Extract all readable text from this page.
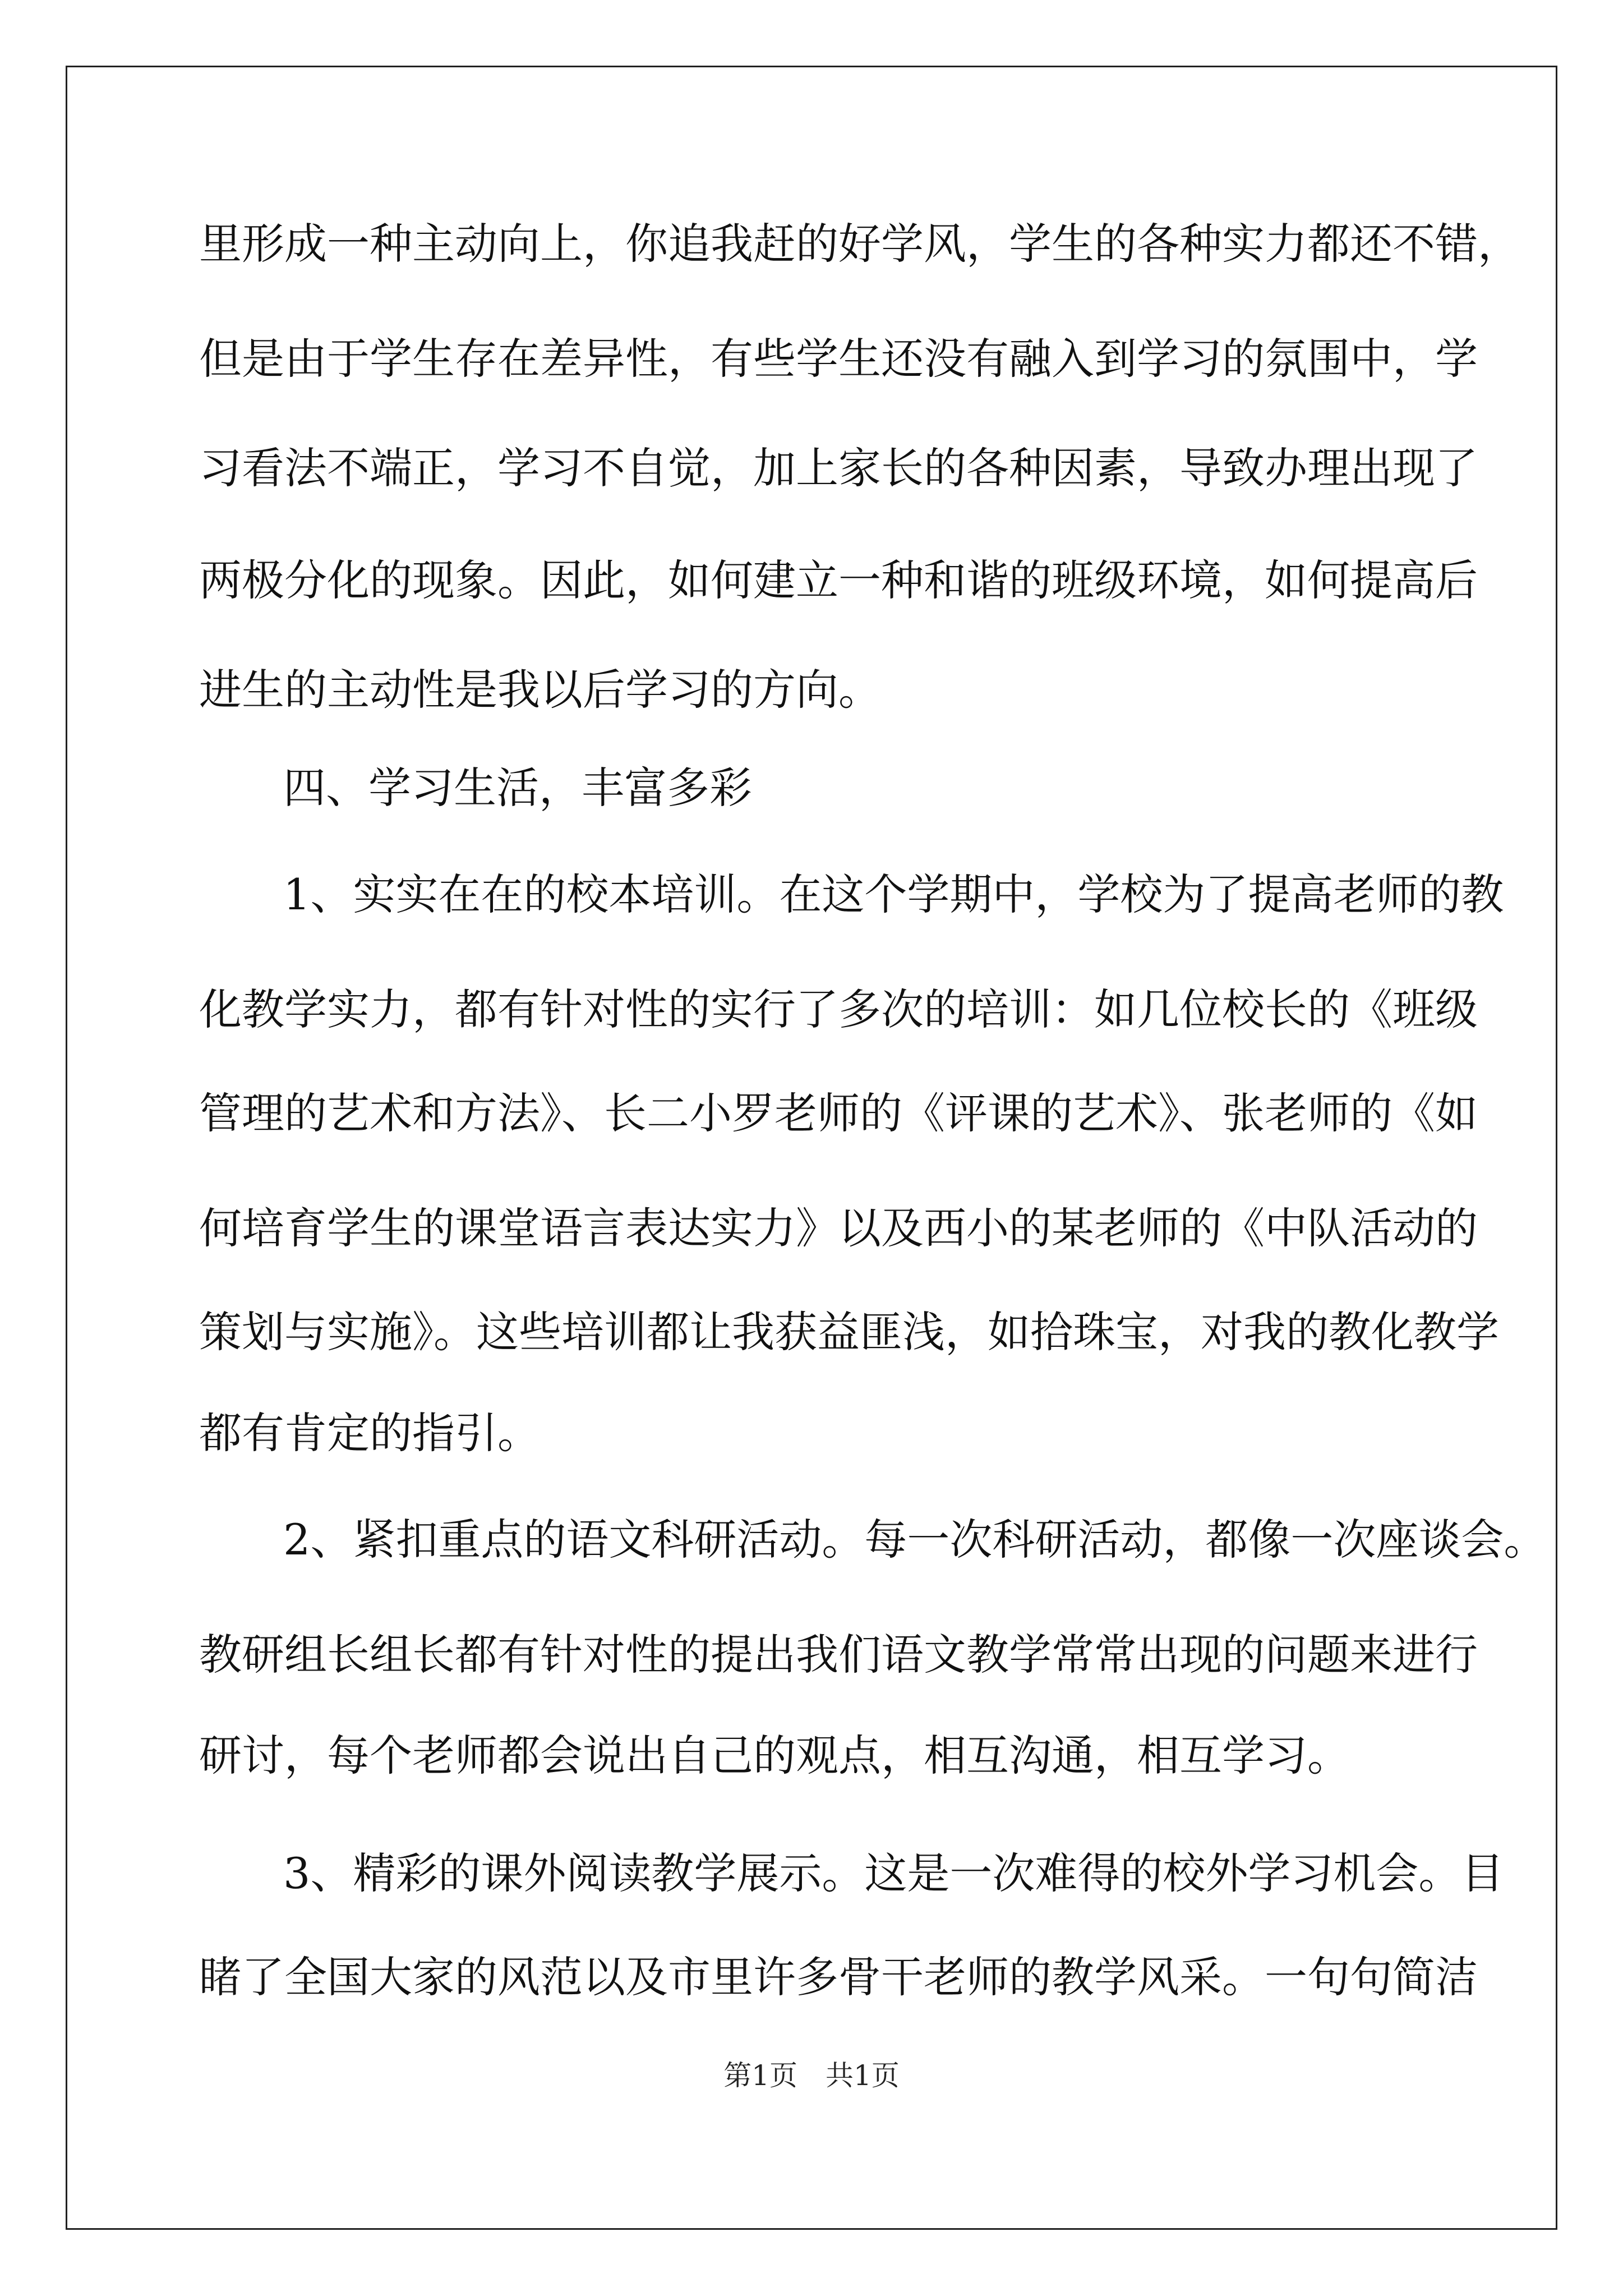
里形成一种主动向上，你追我赶的好学风，学生的各种实力都还不错，

但是由于学生存在差异性，有些学生还没有融入到学习的氛围中，学

习看法不端正，学习不自觉，加上家长的各种因素，导致办理出现了

两极分化的现象。因此，如何建立一种和谐的班级环境，如何提高后

进生的主动性是我以后学习的方向。

四、学习生活，丰富多彩

1、实实在在的校本培训。在这个学期中，学校为了提高老师的教

化教学实力，都有针对性的实行了多次的培训：如几位校长的《班级

管理的艺术和方法》、长二小罗老师的《评课的艺术》、张老师的《如

何培育学生的课堂语言表达实力》以及西小的某老师的《中队活动的

策划与实施》。这些培训都让我获益匪浅，如拾珠宝，对我的教化教学

都有肯定的指引。

2、紧扣重点的语文科研活动。每一次科研活动，都像一次座谈会。

教研组长组长都有针对性的提出我们语文教学常常出现的问题来进行

研讨，每个老师都会说出自己的观点，相互沟通，相互学习。

3、精彩的课外阅读教学展示。这是一次难得的校外学习机会。目

睹了全国大家的风范以及市里许多骨干老师的教学风采。一句句简洁

第1页　共1页
